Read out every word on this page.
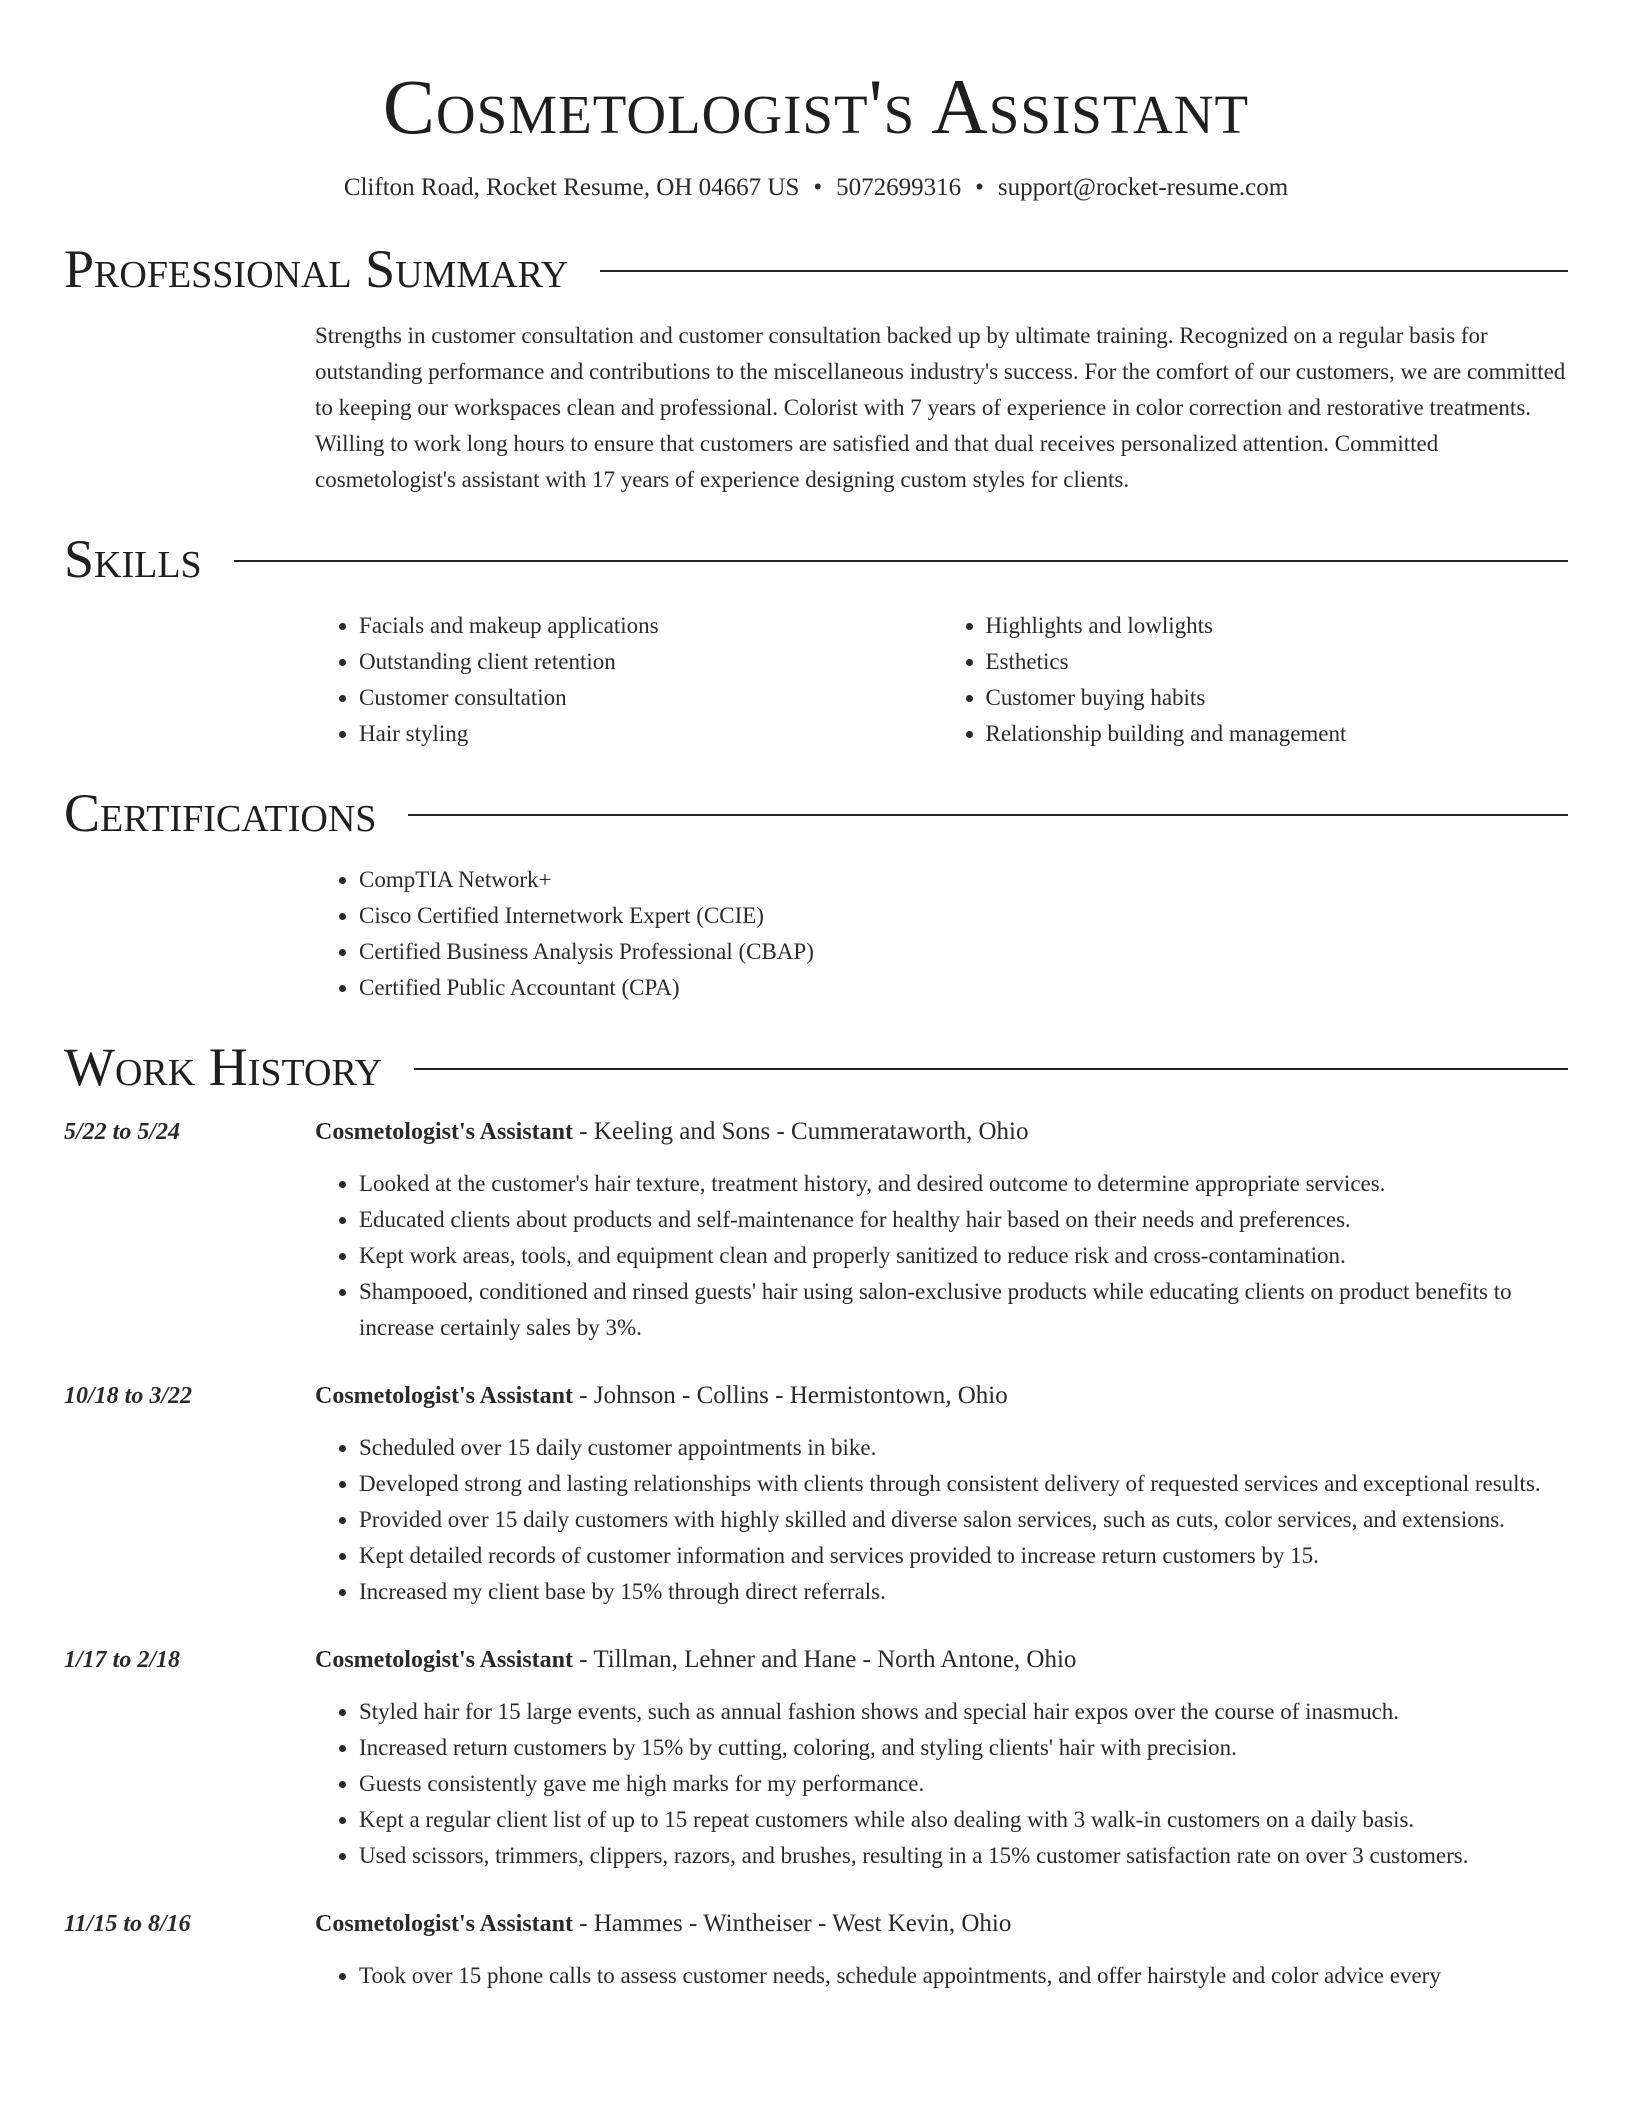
Cosmetologist's Assistant
Clifton Road, Rocket Resume, OH 04667 US • 5072699316 • support@rocket-resume.com
Professional Summary
Strengths in customer consultation and customer consultation backed up by ultimate training. Recognized on a regular basis for outstanding performance and contributions to the miscellaneous industry's success. For the comfort of our customers, we are committed to keeping our workspaces clean and professional. Colorist with 7 years of experience in color correction and restorative treatments. Willing to work long hours to ensure that customers are satisfied and that dual receives personalized attention. Committed cosmetologist's assistant with 17 years of experience designing custom styles for clients.
Skills
• Facials and makeup applications
• Outstanding client retention
• Customer consultation
• Hair styling
• Highlights and lowlights
• Esthetics
• Customer buying habits
• Relationship building and management
Certifications
• CompTIA Network+
• Cisco Certified Internetwork Expert (CCIE)
• Certified Business Analysis Professional (CBAP)
• Certified Public Accountant (CPA)
Work History
5/22 to 5/24	Cosmetologist's Assistant - Keeling and Sons - Cummerataworth, Ohio
• Looked at the customer's hair texture, treatment history, and desired outcome to determine appropriate services.
• Educated clients about products and self-maintenance for healthy hair based on their needs and preferences.
• Kept work areas, tools, and equipment clean and properly sanitized to reduce risk and cross-contamination.
• Shampooed, conditioned and rinsed guests' hair using salon-exclusive products while educating clients on product benefits to increase certainly sales by 3%.
10/18 to 3/22	Cosmetologist's Assistant - Johnson - Collins - Hermistontown, Ohio
• Scheduled over 15 daily customer appointments in bike.
• Developed strong and lasting relationships with clients through consistent delivery of requested services and exceptional results.
• Provided over 15 daily customers with highly skilled and diverse salon services, such as cuts, color services, and extensions.
• Kept detailed records of customer information and services provided to increase return customers by 15.
• Increased my client base by 15% through direct referrals.
1/17 to 2/18	Cosmetologist's Assistant - Tillman, Lehner and Hane - North Antone, Ohio
• Styled hair for 15 large events, such as annual fashion shows and special hair expos over the course of inasmuch.
• Increased return customers by 15% by cutting, coloring, and styling clients' hair with precision.
• Guests consistently gave me high marks for my performance.
• Kept a regular client list of up to 15 repeat customers while also dealing with 3 walk-in customers on a daily basis.
• Used scissors, trimmers, clippers, razors, and brushes, resulting in a 15% customer satisfaction rate on over 3 customers.
11/15 to 8/16	Cosmetologist's Assistant - Hammes - Wintheiser - West Kevin, Ohio
• Took over 15 phone calls to assess customer needs, schedule appointments, and offer hairstyle and color advice every
